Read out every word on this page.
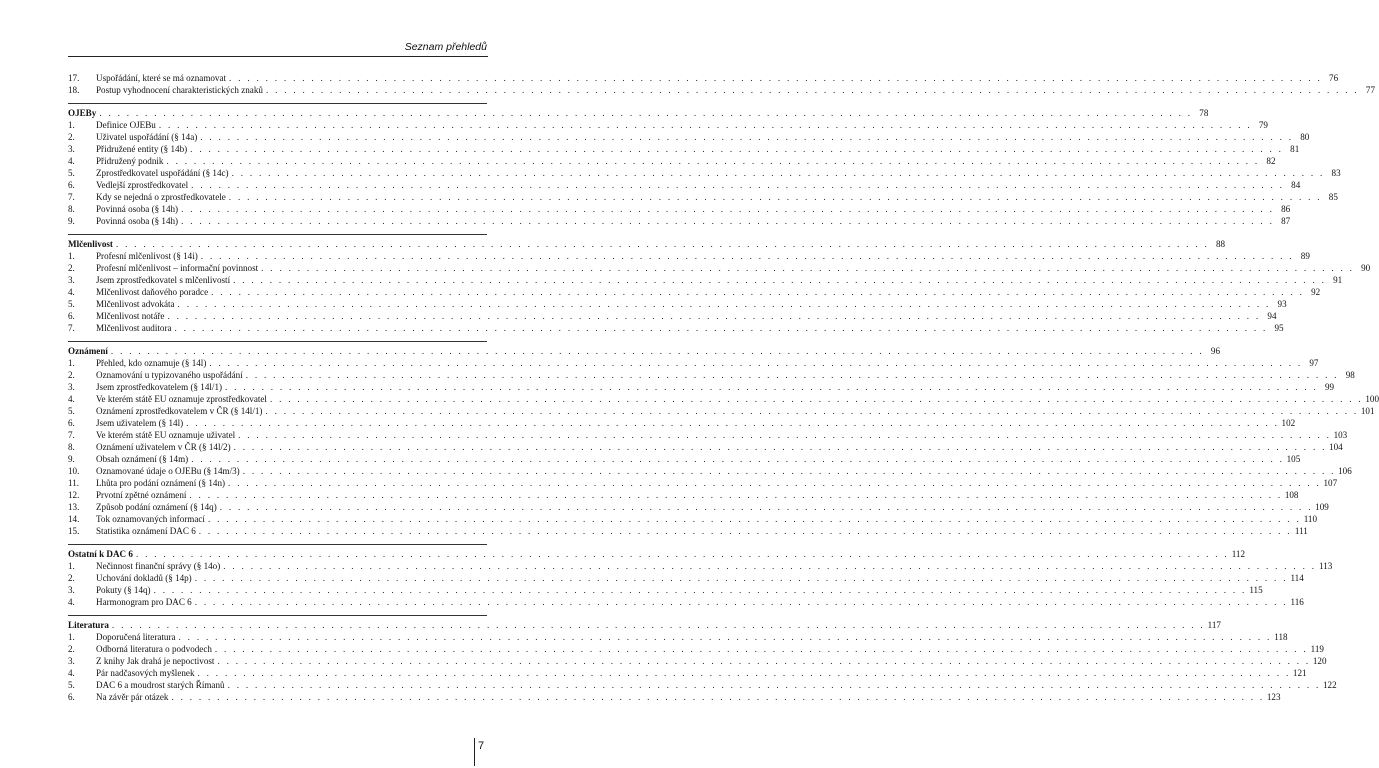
Seznam přehledů
17.	Uspořádání, které se má oznamovat . . . . . . . . . . . . . . . . . . . . . . . . . . . . . . . . . . . . . . . . . . . . . . . . . . . . . . . . . . . . . . . . . . . . . . . . . . . . . . . . . . . . . . . . . . . . . . . . . . . . . . . . . . . . . . . . . . . . . . . . 76
18.	Postup vyhodnocení charakteristických znaků . . . . . . . . . . . . . . . . . . . . . . . . . . . . . . . . . . . . . . . . . . . . . . . . . . . . . . . . . . . . . . . . . . . . . . . . . . . . . . . . . . . . . . . . . . . . . . . . . . . . . . . . . . . . . . . . . . . . . . . . 77
OJEBy . . . . . . . . . . . . . . . . . . . . . . . . . . . . . . . . . . . . . . . . . . . . . . . . . . . . . . . . . . . . . . . . . . . . . . . . . . . . . . . . . . . . . . . . . . . . . . . . . . . . . . . . . . . . . . . . . . . . . . . . 78
1.	Definice OJEBu . . . . . . . . . . . . . . . . . . . . . . . . . . . . . . . . . . . . . . . . . . . . . . . . . . . . . . . . . . . . . . . . . . . . . . . . . . . . . . . . . . . . . . . . . . . . . . . . . . . . . . . . . . . . . . . . . . . . . . . . 79
2.	Uživatel uspořádání (§ 14a) . . . . . . . . . . . . . . . . . . . . . . . . . . . . . . . . . . . . . . . . . . . . . . . . . . . . . . . . . . . . . . . . . . . . . . . . . . . . . . . . . . . . . . . . . . . . . . . . . . . . . . . . . . . . . . . . . . . . . . . . 80
3.	Přidružené entity (§ 14b) . . . . . . . . . . . . . . . . . . . . . . . . . . . . . . . . . . . . . . . . . . . . . . . . . . . . . . . . . . . . . . . . . . . . . . . . . . . . . . . . . . . . . . . . . . . . . . . . . . . . . . . . . . . . . . . . . . . . . . . . 81
4.	Přidružený podnik . . . . . . . . . . . . . . . . . . . . . . . . . . . . . . . . . . . . . . . . . . . . . . . . . . . . . . . . . . . . . . . . . . . . . . . . . . . . . . . . . . . . . . . . . . . . . . . . . . . . . . . . . . . . . . . . . . . . . . . . 82
5.	Zprostředkovatel uspořádání (§ 14c) . . . . . . . . . . . . . . . . . . . . . . . . . . . . . . . . . . . . . . . . . . . . . . . . . . . . . . . . . . . . . . . . . . . . . . . . . . . . . . . . . . . . . . . . . . . . . . . . . . . . . . . . . . . . . . . . . . . . . . . . 83
6.	Vedlejší zprostředkovatel . . . . . . . . . . . . . . . . . . . . . . . . . . . . . . . . . . . . . . . . . . . . . . . . . . . . . . . . . . . . . . . . . . . . . . . . . . . . . . . . . . . . . . . . . . . . . . . . . . . . . . . . . . . . . . . . . . . . . . . . 84
7.	Kdy se nejedná o zprostředkovatele . . . . . . . . . . . . . . . . . . . . . . . . . . . . . . . . . . . . . . . . . . . . . . . . . . . . . . . . . . . . . . . . . . . . . . . . . . . . . . . . . . . . . . . . . . . . . . . . . . . . . . . . . . . . . . . . . . . . . . . . 85
8.	Povinná osoba (§ 14h) . . . . . . . . . . . . . . . . . . . . . . . . . . . . . . . . . . . . . . . . . . . . . . . . . . . . . . . . . . . . . . . . . . . . . . . . . . . . . . . . . . . . . . . . . . . . . . . . . . . . . . . . . . . . . . . . . . . . . . . . 86
9.	Povinná osoba (§ 14h) . . . . . . . . . . . . . . . . . . . . . . . . . . . . . . . . . . . . . . . . . . . . . . . . . . . . . . . . . . . . . . . . . . . . . . . . . . . . . . . . . . . . . . . . . . . . . . . . . . . . . . . . . . . . . . . . . . . . . . . . 87
Mlčenlivost . . . . . . . . . . . . . . . . . . . . . . . . . . . . . . . . . . . . . . . . . . . . . . . . . . . . . . . . . . . . . . . . . . . . . . . . . . . . . . . . . . . . . . . . . . . . . . . . . . . . . . . . . . . . . . . . . . . . . . . . 88
1.	Profesní mlčenlivost (§ 14i) . . . . . . . . . . . . . . . . . . . . . . . . . . . . . . . . . . . . . . . . . . . . . . . . . . . . . . . . . . . . . . . . . . . . . . . . . . . . . . . . . . . . . . . . . . . . . . . . . . . . . . . . . . . . . . . . . . . . . . . . 89
2.	Profesní mlčenlivost – informační povinnost . . . . . . . . . . . . . . . . . . . . . . . . . . . . . . . . . . . . . . . . . . . . . . . . . . . . . . . . . . . . . . . . . . . . . . . . . . . . . . . . . . . . . . . . . . . . . . . . . . . . . . . . . . . . . . . . . . . . . . . . 90
3.	Jsem zprostředkovatel s mlčenlivostí . . . . . . . . . . . . . . . . . . . . . . . . . . . . . . . . . . . . . . . . . . . . . . . . . . . . . . . . . . . . . . . . . . . . . . . . . . . . . . . . . . . . . . . . . . . . . . . . . . . . . . . . . . . . . . . . . . . . . . . . 91
4.	Mlčenlivost daňového poradce . . . . . . . . . . . . . . . . . . . . . . . . . . . . . . . . . . . . . . . . . . . . . . . . . . . . . . . . . . . . . . . . . . . . . . . . . . . . . . . . . . . . . . . . . . . . . . . . . . . . . . . . . . . . . . . . . . . . . . . . 92
5.	Mlčenlivost advokáta . . . . . . . . . . . . . . . . . . . . . . . . . . . . . . . . . . . . . . . . . . . . . . . . . . . . . . . . . . . . . . . . . . . . . . . . . . . . . . . . . . . . . . . . . . . . . . . . . . . . . . . . . . . . . . . . . . . . . . . . 93
6.	Mlčenlivost notáře . . . . . . . . . . . . . . . . . . . . . . . . . . . . . . . . . . . . . . . . . . . . . . . . . . . . . . . . . . . . . . . . . . . . . . . . . . . . . . . . . . . . . . . . . . . . . . . . . . . . . . . . . . . . . . . . . . . . . . . . 94
7.	Mlčenlivost auditora . . . . . . . . . . . . . . . . . . . . . . . . . . . . . . . . . . . . . . . . . . . . . . . . . . . . . . . . . . . . . . . . . . . . . . . . . . . . . . . . . . . . . . . . . . . . . . . . . . . . . . . . . . . . . . . . . . . . . . . . 95
Oznámení . . . . . . . . . . . . . . . . . . . . . . . . . . . . . . . . . . . . . . . . . . . . . . . . . . . . . . . . . . . . . . . . . . . . . . . . . . . . . . . . . . . . . . . . . . . . . . . . . . . . . . . . . . . . . . . . . . . . . . . . 96
1.	Přehled, kdo oznamuje (§ 14l) . . . . . . . . . . . . . . . . . . . . . . . . . . . . . . . . . . . . . . . . . . . . . . . . . . . . . . . . . . . . . . . . . . . . . . . . . . . . . . . . . . . . . . . . . . . . . . . . . . . . . . . . . . . . . . . . . . . . . . . . 97
2.	Oznamování u typizovaného uspořádání . . . . . . . . . . . . . . . . . . . . . . . . . . . . . . . . . . . . . . . . . . . . . . . . . . . . . . . . . . . . . . . . . . . . . . . . . . . . . . . . . . . . . . . . . . . . . . . . . . . . . . . . . . . . . . . . . . . . . . . . 98
3.	Jsem zprostředkovatelem (§ 14l/1) . . . . . . . . . . . . . . . . . . . . . . . . . . . . . . . . . . . . . . . . . . . . . . . . . . . . . . . . . . . . . . . . . . . . . . . . . . . . . . . . . . . . . . . . . . . . . . . . . . . . . . . . . . . . . . . . . . . . . . . . 99
4.	Ve kterém státě EU oznamuje zprostředkovatel . . . . . . . . . . . . . . . . . . . . . . . . . . . . . . . . . . . . . . . . . . . . . . . . . . . . . . . . . . . . . . . . . . . . . . . . . . . . . . . . . . . . . . . . . . . . . . . . . . . . . . . . . . . . . . . . . . . . . . . . 100
5.	Oznámení zprostředkovatelem v ČR (§ 14l/1) . . . . . . . . . . . . . . . . . . . . . . . . . . . . . . . . . . . . . . . . . . . . . . . . . . . . . . . . . . . . . . . . . . . . . . . . . . . . . . . . . . . . . . . . . . . . . . . . . . . . . . . . . . . . . . . . . . . . . . . . 101
6.	Jsem uživatelem (§ 14l) . . . . . . . . . . . . . . . . . . . . . . . . . . . . . . . . . . . . . . . . . . . . . . . . . . . . . . . . . . . . . . . . . . . . . . . . . . . . . . . . . . . . . . . . . . . . . . . . . . . . . . . . . . . . . . . . . . . . . . . . 102
7.	Ve kterém státě EU oznamuje uživatel . . . . . . . . . . . . . . . . . . . . . . . . . . . . . . . . . . . . . . . . . . . . . . . . . . . . . . . . . . . . . . . . . . . . . . . . . . . . . . . . . . . . . . . . . . . . . . . . . . . . . . . . . . . . . . . . . . . . . . . . 103
8.	Oznámení uživatelem v ČR (§ 14l/2) . . . . . . . . . . . . . . . . . . . . . . . . . . . . . . . . . . . . . . . . . . . . . . . . . . . . . . . . . . . . . . . . . . . . . . . . . . . . . . . . . . . . . . . . . . . . . . . . . . . . . . . . . . . . . . . . . . . . . . . . 104
9.	Obsah oznámení (§ 14m) . . . . . . . . . . . . . . . . . . . . . . . . . . . . . . . . . . . . . . . . . . . . . . . . . . . . . . . . . . . . . . . . . . . . . . . . . . . . . . . . . . . . . . . . . . . . . . . . . . . . . . . . . . . . . . . . . . . . . . . . 105
10.	Oznamované údaje o OJEBu (§ 14m/3) . . . . . . . . . . . . . . . . . . . . . . . . . . . . . . . . . . . . . . . . . . . . . . . . . . . . . . . . . . . . . . . . . . . . . . . . . . . . . . . . . . . . . . . . . . . . . . . . . . . . . . . . . . . . . . . . . . . . . . . . 106
11.	Lhůta pro podání oznámení (§ 14n) . . . . . . . . . . . . . . . . . . . . . . . . . . . . . . . . . . . . . . . . . . . . . . . . . . . . . . . . . . . . . . . . . . . . . . . . . . . . . . . . . . . . . . . . . . . . . . . . . . . . . . . . . . . . . . . . . . . . . . . . 107
12.	Prvotní zpětné oznámení . . . . . . . . . . . . . . . . . . . . . . . . . . . . . . . . . . . . . . . . . . . . . . . . . . . . . . . . . . . . . . . . . . . . . . . . . . . . . . . . . . . . . . . . . . . . . . . . . . . . . . . . . . . . . . . . . . . . . . . . 108
13.	Způsob podání oznámení (§ 14q) . . . . . . . . . . . . . . . . . . . . . . . . . . . . . . . . . . . . . . . . . . . . . . . . . . . . . . . . . . . . . . . . . . . . . . . . . . . . . . . . . . . . . . . . . . . . . . . . . . . . . . . . . . . . . . . . . . . . . . . . 109
14.	Tok oznamovaných informací . . . . . . . . . . . . . . . . . . . . . . . . . . . . . . . . . . . . . . . . . . . . . . . . . . . . . . . . . . . . . . . . . . . . . . . . . . . . . . . . . . . . . . . . . . . . . . . . . . . . . . . . . . . . . . . . . . . . . . . . 110
15.	Statistika oznámení DAC 6 . . . . . . . . . . . . . . . . . . . . . . . . . . . . . . . . . . . . . . . . . . . . . . . . . . . . . . . . . . . . . . . . . . . . . . . . . . . . . . . . . . . . . . . . . . . . . . . . . . . . . . . . . . . . . . . . . . . . . . . . 111
Ostatní k DAC 6 . . . . . . . . . . . . . . . . . . . . . . . . . . . . . . . . . . . . . . . . . . . . . . . . . . . . . . . . . . . . . . . . . . . . . . . . . . . . . . . . . . . . . . . . . . . . . . . . . . . . . . . . . . . . . . . . . . . . . . . . 112
1.	Nečinnost finanční správy (§ 14o) . . . . . . . . . . . . . . . . . . . . . . . . . . . . . . . . . . . . . . . . . . . . . . . . . . . . . . . . . . . . . . . . . . . . . . . . . . . . . . . . . . . . . . . . . . . . . . . . . . . . . . . . . . . . . . . . . . . . . . . . 113
2.	Uchování dokladů (§ 14p) . . . . . . . . . . . . . . . . . . . . . . . . . . . . . . . . . . . . . . . . . . . . . . . . . . . . . . . . . . . . . . . . . . . . . . . . . . . . . . . . . . . . . . . . . . . . . . . . . . . . . . . . . . . . . . . . . . . . . . . . 114
3.	Pokuty (§ 14q) . . . . . . . . . . . . . . . . . . . . . . . . . . . . . . . . . . . . . . . . . . . . . . . . . . . . . . . . . . . . . . . . . . . . . . . . . . . . . . . . . . . . . . . . . . . . . . . . . . . . . . . . . . . . . . . . . . . . . . . . 115
4.	Harmonogram pro DAC 6 . . . . . . . . . . . . . . . . . . . . . . . . . . . . . . . . . . . . . . . . . . . . . . . . . . . . . . . . . . . . . . . . . . . . . . . . . . . . . . . . . . . . . . . . . . . . . . . . . . . . . . . . . . . . . . . . . . . . . . . . 116
Literatura . . . . . . . . . . . . . . . . . . . . . . . . . . . . . . . . . . . . . . . . . . . . . . . . . . . . . . . . . . . . . . . . . . . . . . . . . . . . . . . . . . . . . . . . . . . . . . . . . . . . . . . . . . . . . . . . . . . . . . . . 117
1.	Doporučená literatura . . . . . . . . . . . . . . . . . . . . . . . . . . . . . . . . . . . . . . . . . . . . . . . . . . . . . . . . . . . . . . . . . . . . . . . . . . . . . . . . . . . . . . . . . . . . . . . . . . . . . . . . . . . . . . . . . . . . . . . . 118
2.	Odborná literatura o podvodech . . . . . . . . . . . . . . . . . . . . . . . . . . . . . . . . . . . . . . . . . . . . . . . . . . . . . . . . . . . . . . . . . . . . . . . . . . . . . . . . . . . . . . . . . . . . . . . . . . . . . . . . . . . . . . . . . . . . . . . . 119
3.	Z knihy Jak drahá je nepoctivost . . . . . . . . . . . . . . . . . . . . . . . . . . . . . . . . . . . . . . . . . . . . . . . . . . . . . . . . . . . . . . . . . . . . . . . . . . . . . . . . . . . . . . . . . . . . . . . . . . . . . . . . . . . . . . . . . . . . . . . . 120
4.	Pár nadčasových myšlenek . . . . . . . . . . . . . . . . . . . . . . . . . . . . . . . . . . . . . . . . . . . . . . . . . . . . . . . . . . . . . . . . . . . . . . . . . . . . . . . . . . . . . . . . . . . . . . . . . . . . . . . . . . . . . . . . . . . . . . . . 121
5.	DAC 6 a moudrost starých Římanů . . . . . . . . . . . . . . . . . . . . . . . . . . . . . . . . . . . . . . . . . . . . . . . . . . . . . . . . . . . . . . . . . . . . . . . . . . . . . . . . . . . . . . . . . . . . . . . . . . . . . . . . . . . . . . . . . . . . . . . . 122
6.	Na závěr pár otázek . . . . . . . . . . . . . . . . . . . . . . . . . . . . . . . . . . . . . . . . . . . . . . . . . . . . . . . . . . . . . . . . . . . . . . . . . . . . . . . . . . . . . . . . . . . . . . . . . . . . . . . . . . . . . . . . . . . . . . . . 123
7
